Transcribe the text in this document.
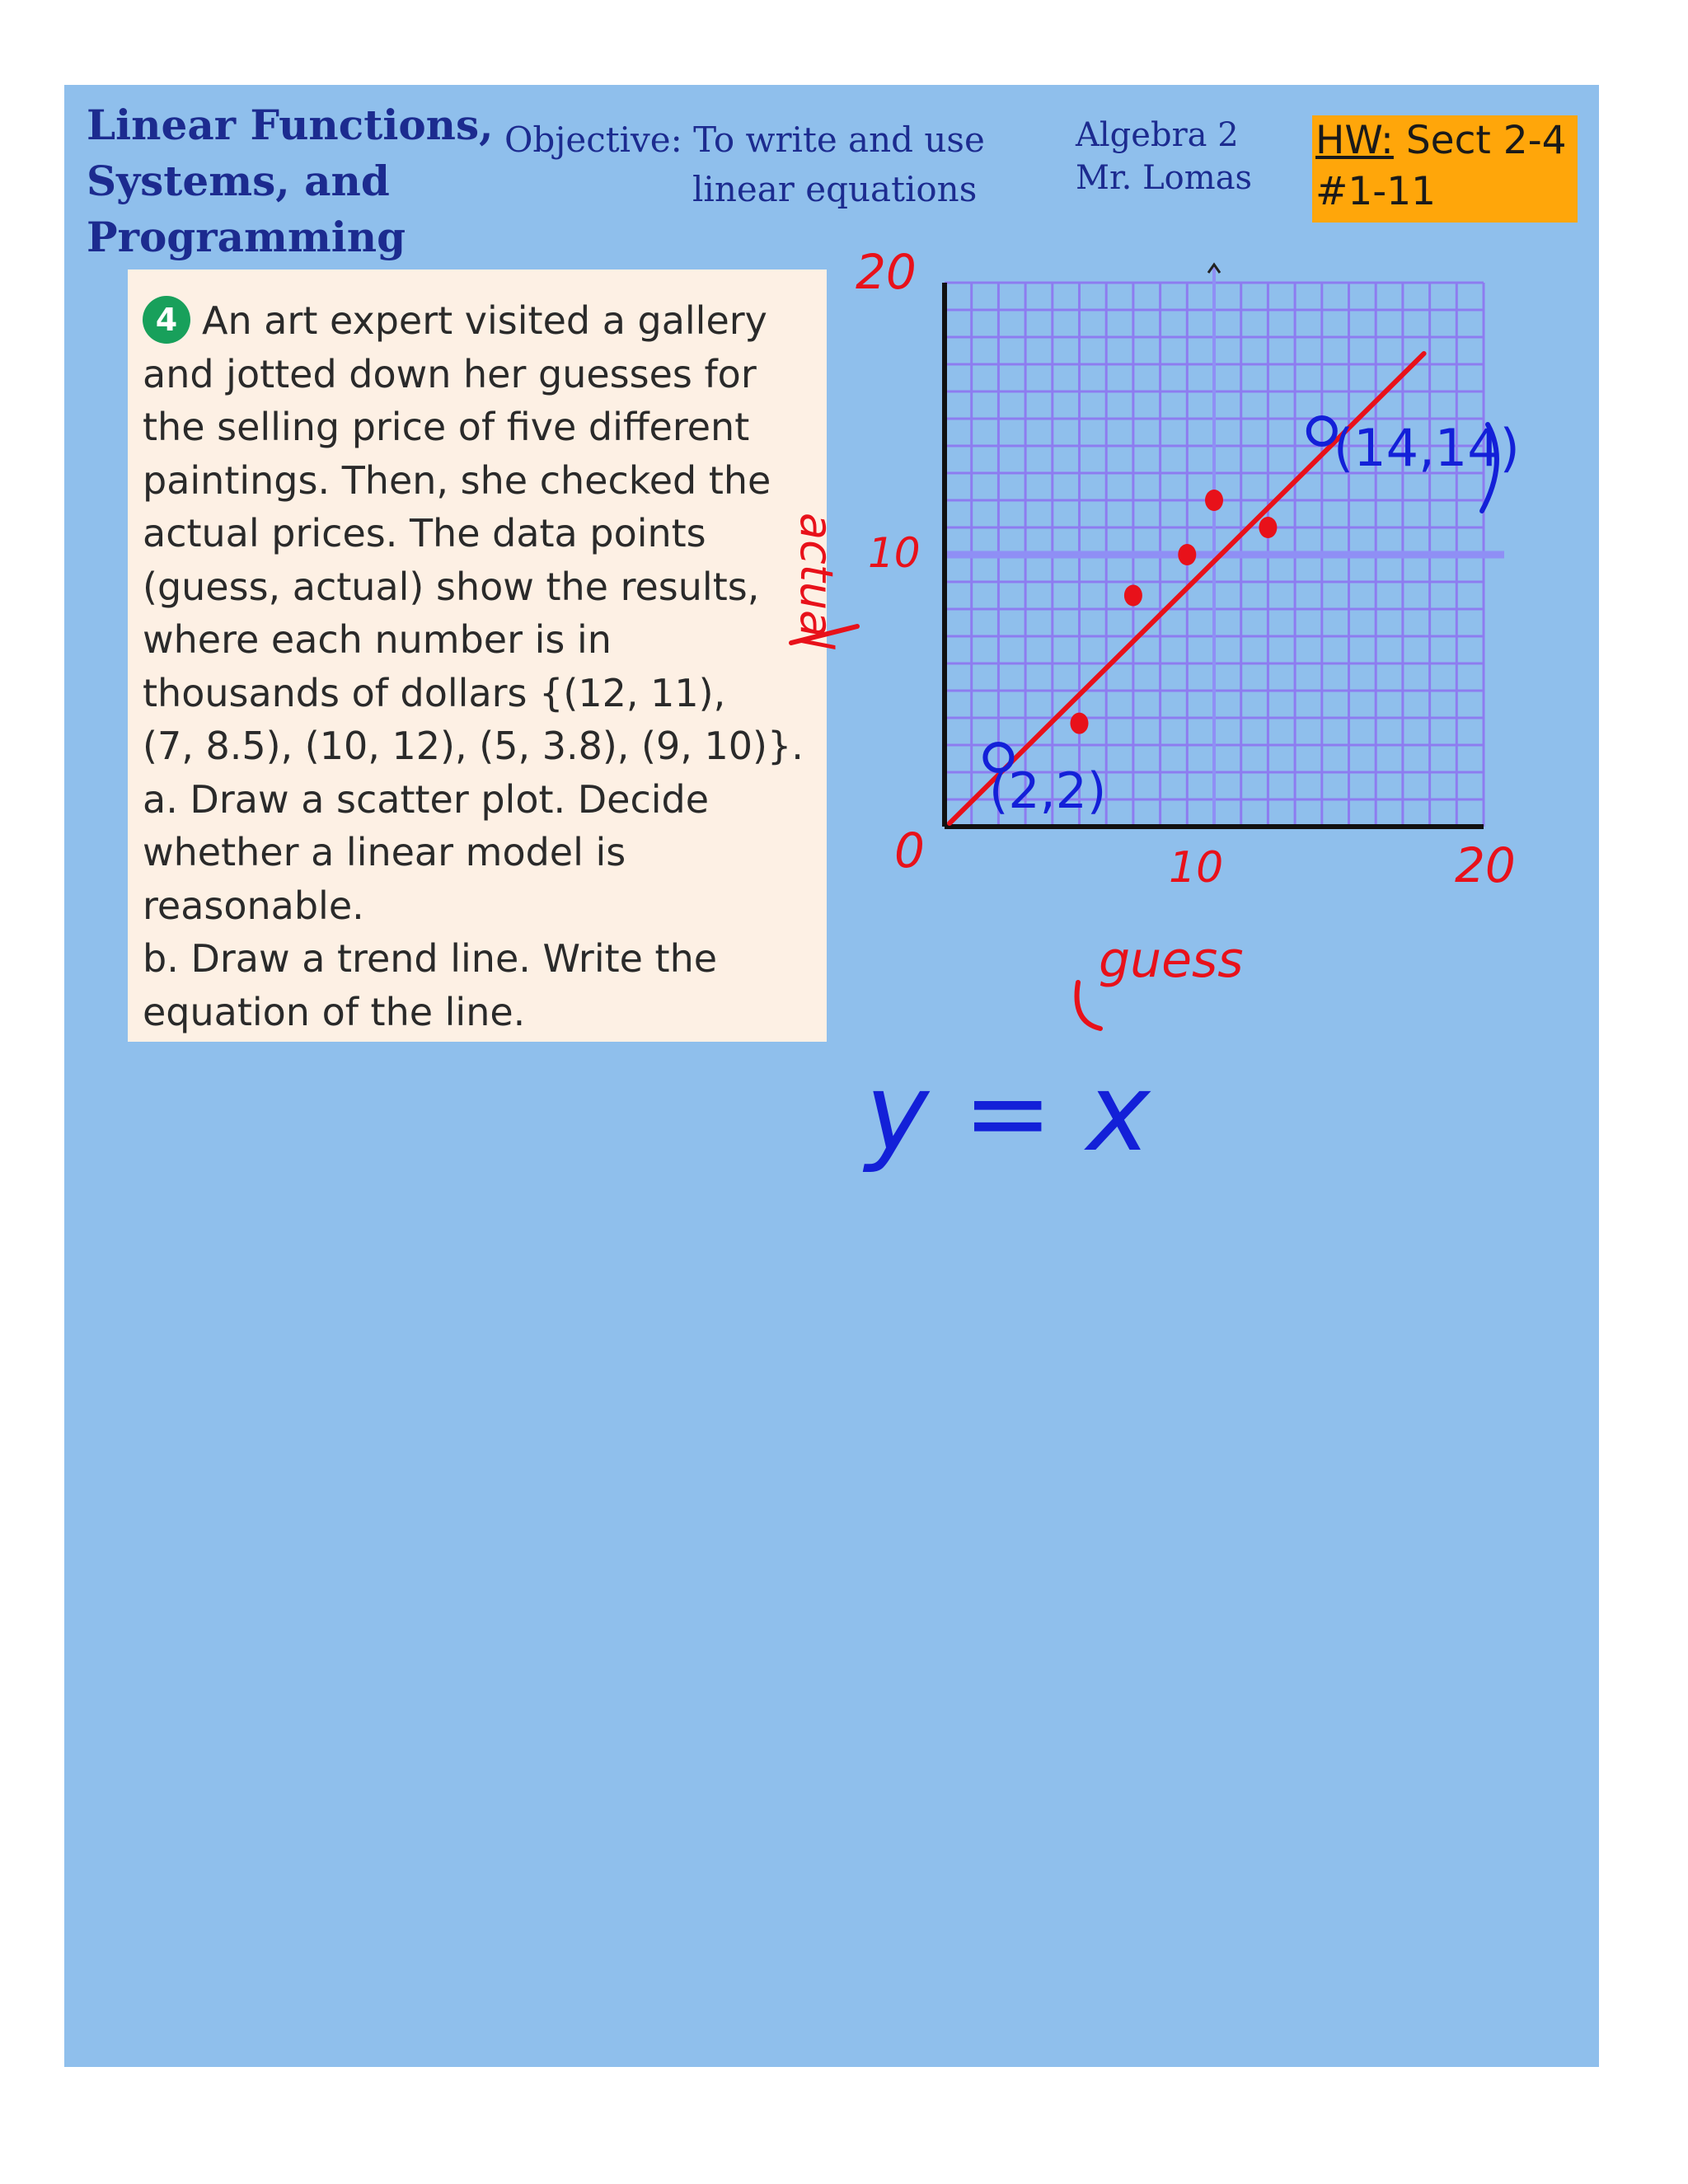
Linear Functions,
Systems, and
Programming
Objective: To write and use
linear equations
Algebra 2
Mr. Lomas
HW: Sect 2-4
#1-11
4 An art expert visited a gallery
and jotted down her guesses for
the selling price of five different
paintings. Then, she checked the
actual prices. The data points
(guess, actual) show the results,
where each number is in
thousands of dollars {(12, 11),
(7, 8.5), (10, 12), (5, 3.8), (9, 10)}.
a. Draw a scatter plot. Decide
whether a linear model is
reasonable.
b. Draw a trend line. Write the
equation of the line.
20
10
0	10	20
actual
guess
(14,14)
(2,2)
y = x
